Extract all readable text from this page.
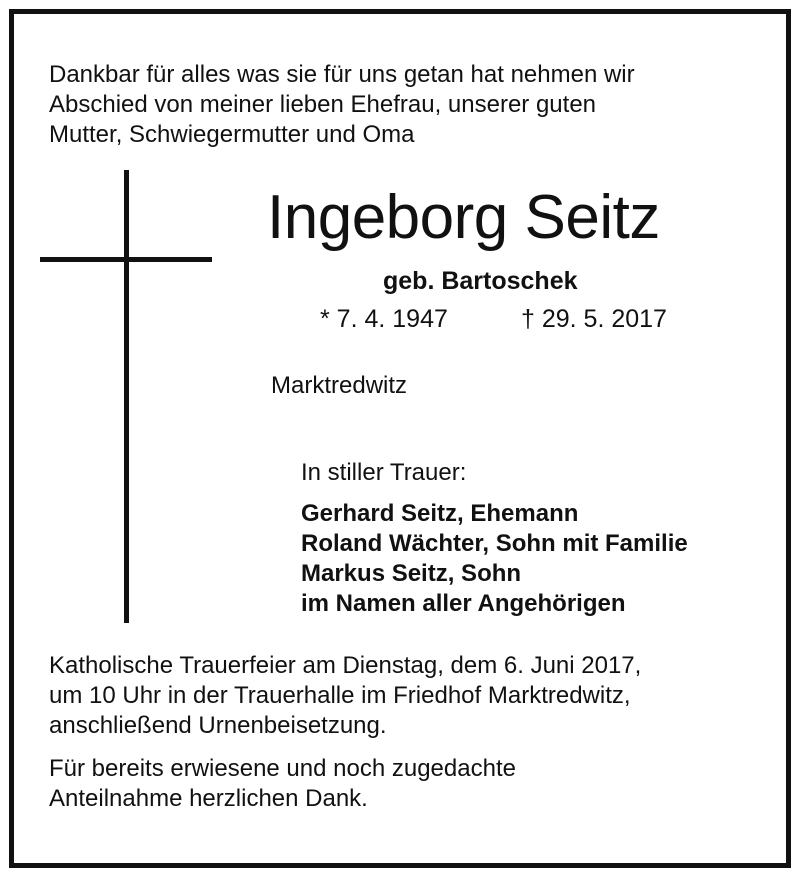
Dankbar für alles was sie für uns getan hat nehmen wir
Abschied von meiner lieben Ehefrau, unserer guten
Mutter, Schwiegermutter und Oma
Ingeborg Seitz
geb. Bartoschek
* 7. 4. 1947	† 29. 5. 2017
Marktredwitz
In stiller Trauer:
Gerhard Seitz, Ehemann
Roland Wächter, Sohn mit Familie
Markus Seitz, Sohn
im Namen aller Angehörigen
Katholische Trauerfeier am Dienstag, dem 6. Juni 2017,
um 10 Uhr in der Trauerhalle im Friedhof Marktredwitz,
anschließend Urnenbeisetzung.
Für bereits erwiesene und noch zugedachte
Anteilnahme herzlichen Dank.
